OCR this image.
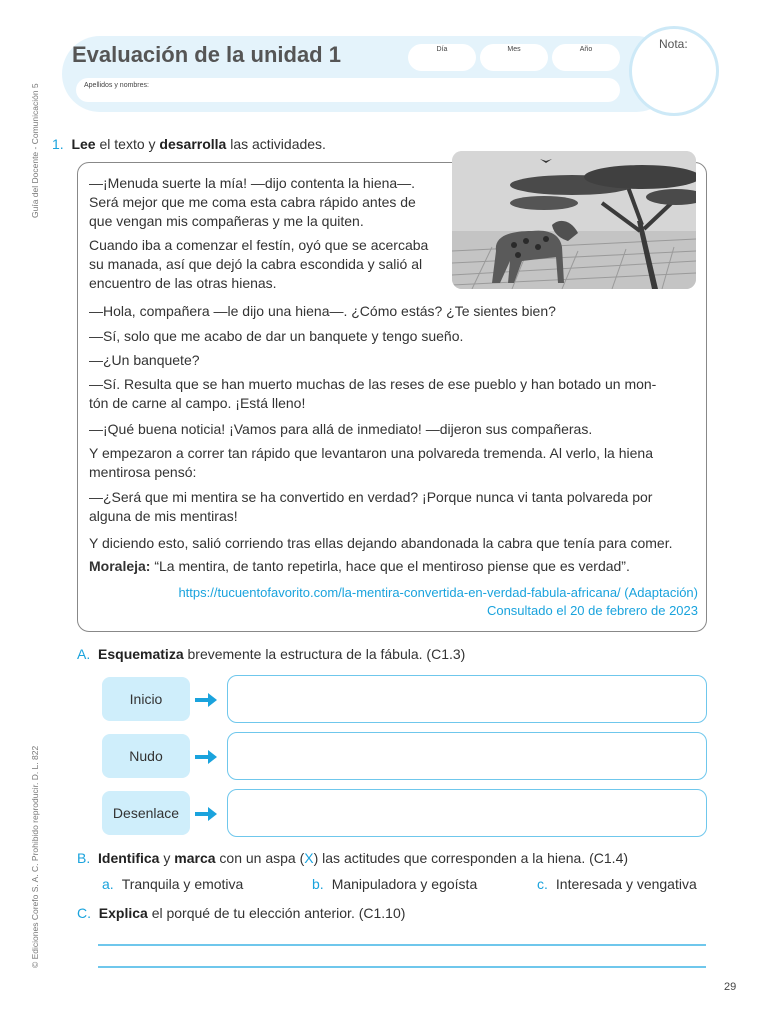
Guía del Docente - Comunicación 5
© Ediciones Corefo S. A. C. Prohibido reproducir. D. L. 822
Evaluación de la unidad 1	Día	Mes	Año
Apellidos y nombres:
Nota:
1. Lee el texto y desarrolla las actividades.
—¡Menuda suerte la mía! —dijo contenta la hiena—.
Será mejor que me coma esta cabra rápido antes de
que vengan mis compañeras y me la quiten.
Cuando iba a comenzar el festín, oyó que se acercaba
su manada, así que dejó la cabra escondida y salió al
encuentro de las otras hienas.
—Hola, compañera —le dijo una hiena—. ¿Cómo estás? ¿Te sientes bien?
—Sí, solo que me acabo de dar un banquete y tengo sueño.
—¿Un banquete?
—Sí. Resulta que se han muerto muchas de las reses de ese pueblo y han botado un mon-
tón de carne al campo. ¡Está lleno!
—¡Qué buena noticia! ¡Vamos para allá de inmediato! —dijeron sus compañeras.
Y empezaron a correr tan rápido que levantaron una polvareda tremenda. Al verlo, la hiena
mentirosa pensó:
—¿Será que mi mentira se ha convertido en verdad? ¡Porque nunca vi tanta polvareda por
alguna de mis mentiras!
Y diciendo esto, salió corriendo tras ellas dejando abandonada la cabra que tenía para comer.
Moraleja: “La mentira, de tanto repetirla, hace que el mentiroso piense que es verdad”.
https://tucuentofavorito.com/la-mentira-convertida-en-verdad-fabula-africana/ (Adaptación)
Consultado el 20 de febrero de 2023
A. Esquematiza brevemente la estructura de la fábula. (C1.3)
Inicio
Nudo
Desenlace
B. Identifica y marca con un aspa (X) las actitudes que corresponden a la hiena. (C1.4)
a. Tranquila y emotiva	b. Manipuladora y egoísta	c. Interesada y vengativa
C. Explica el porqué de tu elección anterior. (C1.10)
29
